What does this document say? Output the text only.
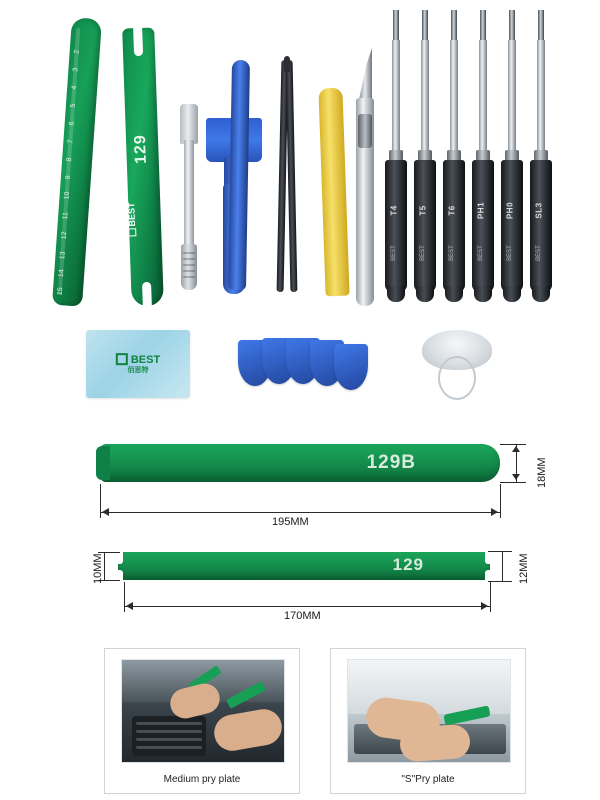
2
3
4
5
6
7
8
9
10
11
12
13
14
15
129
BEST	T4
BEST
T5
BEST
T6
BEST
PH1
BEST
PH0
BEST
SL3
BEST
BEST
佰思特
129B	18MM
195MM
129
10MM	12MM
170MM
Medium pry plate	"S"Pry plate
